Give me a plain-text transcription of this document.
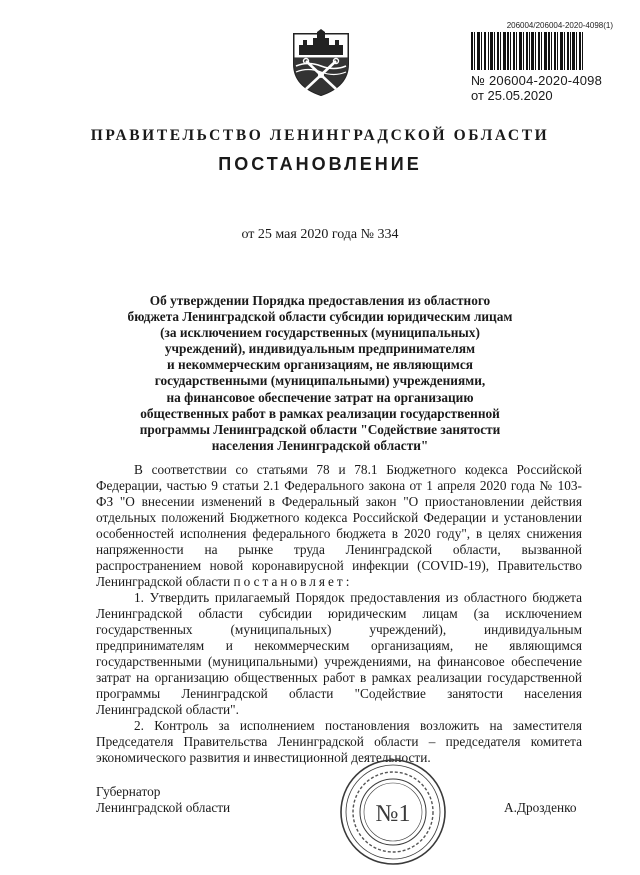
206004/206004-2020-4098(1)
№ 206004-2020-4098
от 25.05.2020
ПРАВИТЕЛЬСТВО ЛЕНИНГРАДСКОЙ ОБЛАСТИ
ПОСТАНОВЛЕНИЕ
от 25 мая 2020 года № 334
Об утверждении Порядка предоставления из областного
бюджета Ленинградской области субсидии юридическим лицам
(за исключением государственных (муниципальных)
учреждений), индивидуальным предпринимателям
и некоммерческим организациям, не являющимся
государственными (муниципальными) учреждениями,
на финансовое обеспечение затрат на организацию
общественных работ в рамках реализации государственной
программы Ленинградской области "Содействие занятости
населения Ленинградской области"

В соответствии со статьями 78 и 78.1 Бюджетного кодекса Российской Федерации, частью 9 статьи 2.1 Федерального закона от 1 апреля 2020 года № 103-ФЗ "О внесении изменений в Федеральный закон "О приостановлении действия отдельных положений Бюджетного кодекса Российской Федерации и установлении особенностей исполнения федерального бюджета в 2020 году", в целях снижения напряженности на рынке труда Ленинградской области, вызванной распространением новой коронавирусной инфекции (COVID-19), Правительство Ленинградской области постановляет:

1. Утвердить прилагаемый Порядок предоставления из областного бюджета Ленинградской области субсидии юридическим лицам (за исключением государственных (муниципальных) учреждений), индивидуальным предпринимателям и некоммерческим организациям, не являющимся государственными (муниципальными) учреждениями, на финансовое обеспечение затрат на организацию общественных работ в рамках реализации государственной программы Ленинградской области "Содействие занятости населения Ленинградской области".

2. Контроль за исполнением постановления возложить на заместителя Председателя Правительства Ленинградской области – председателя комитета экономического развития и инвестиционной деятельности.

Губернатор
Ленинградской области	А.Дрозденко
№1
